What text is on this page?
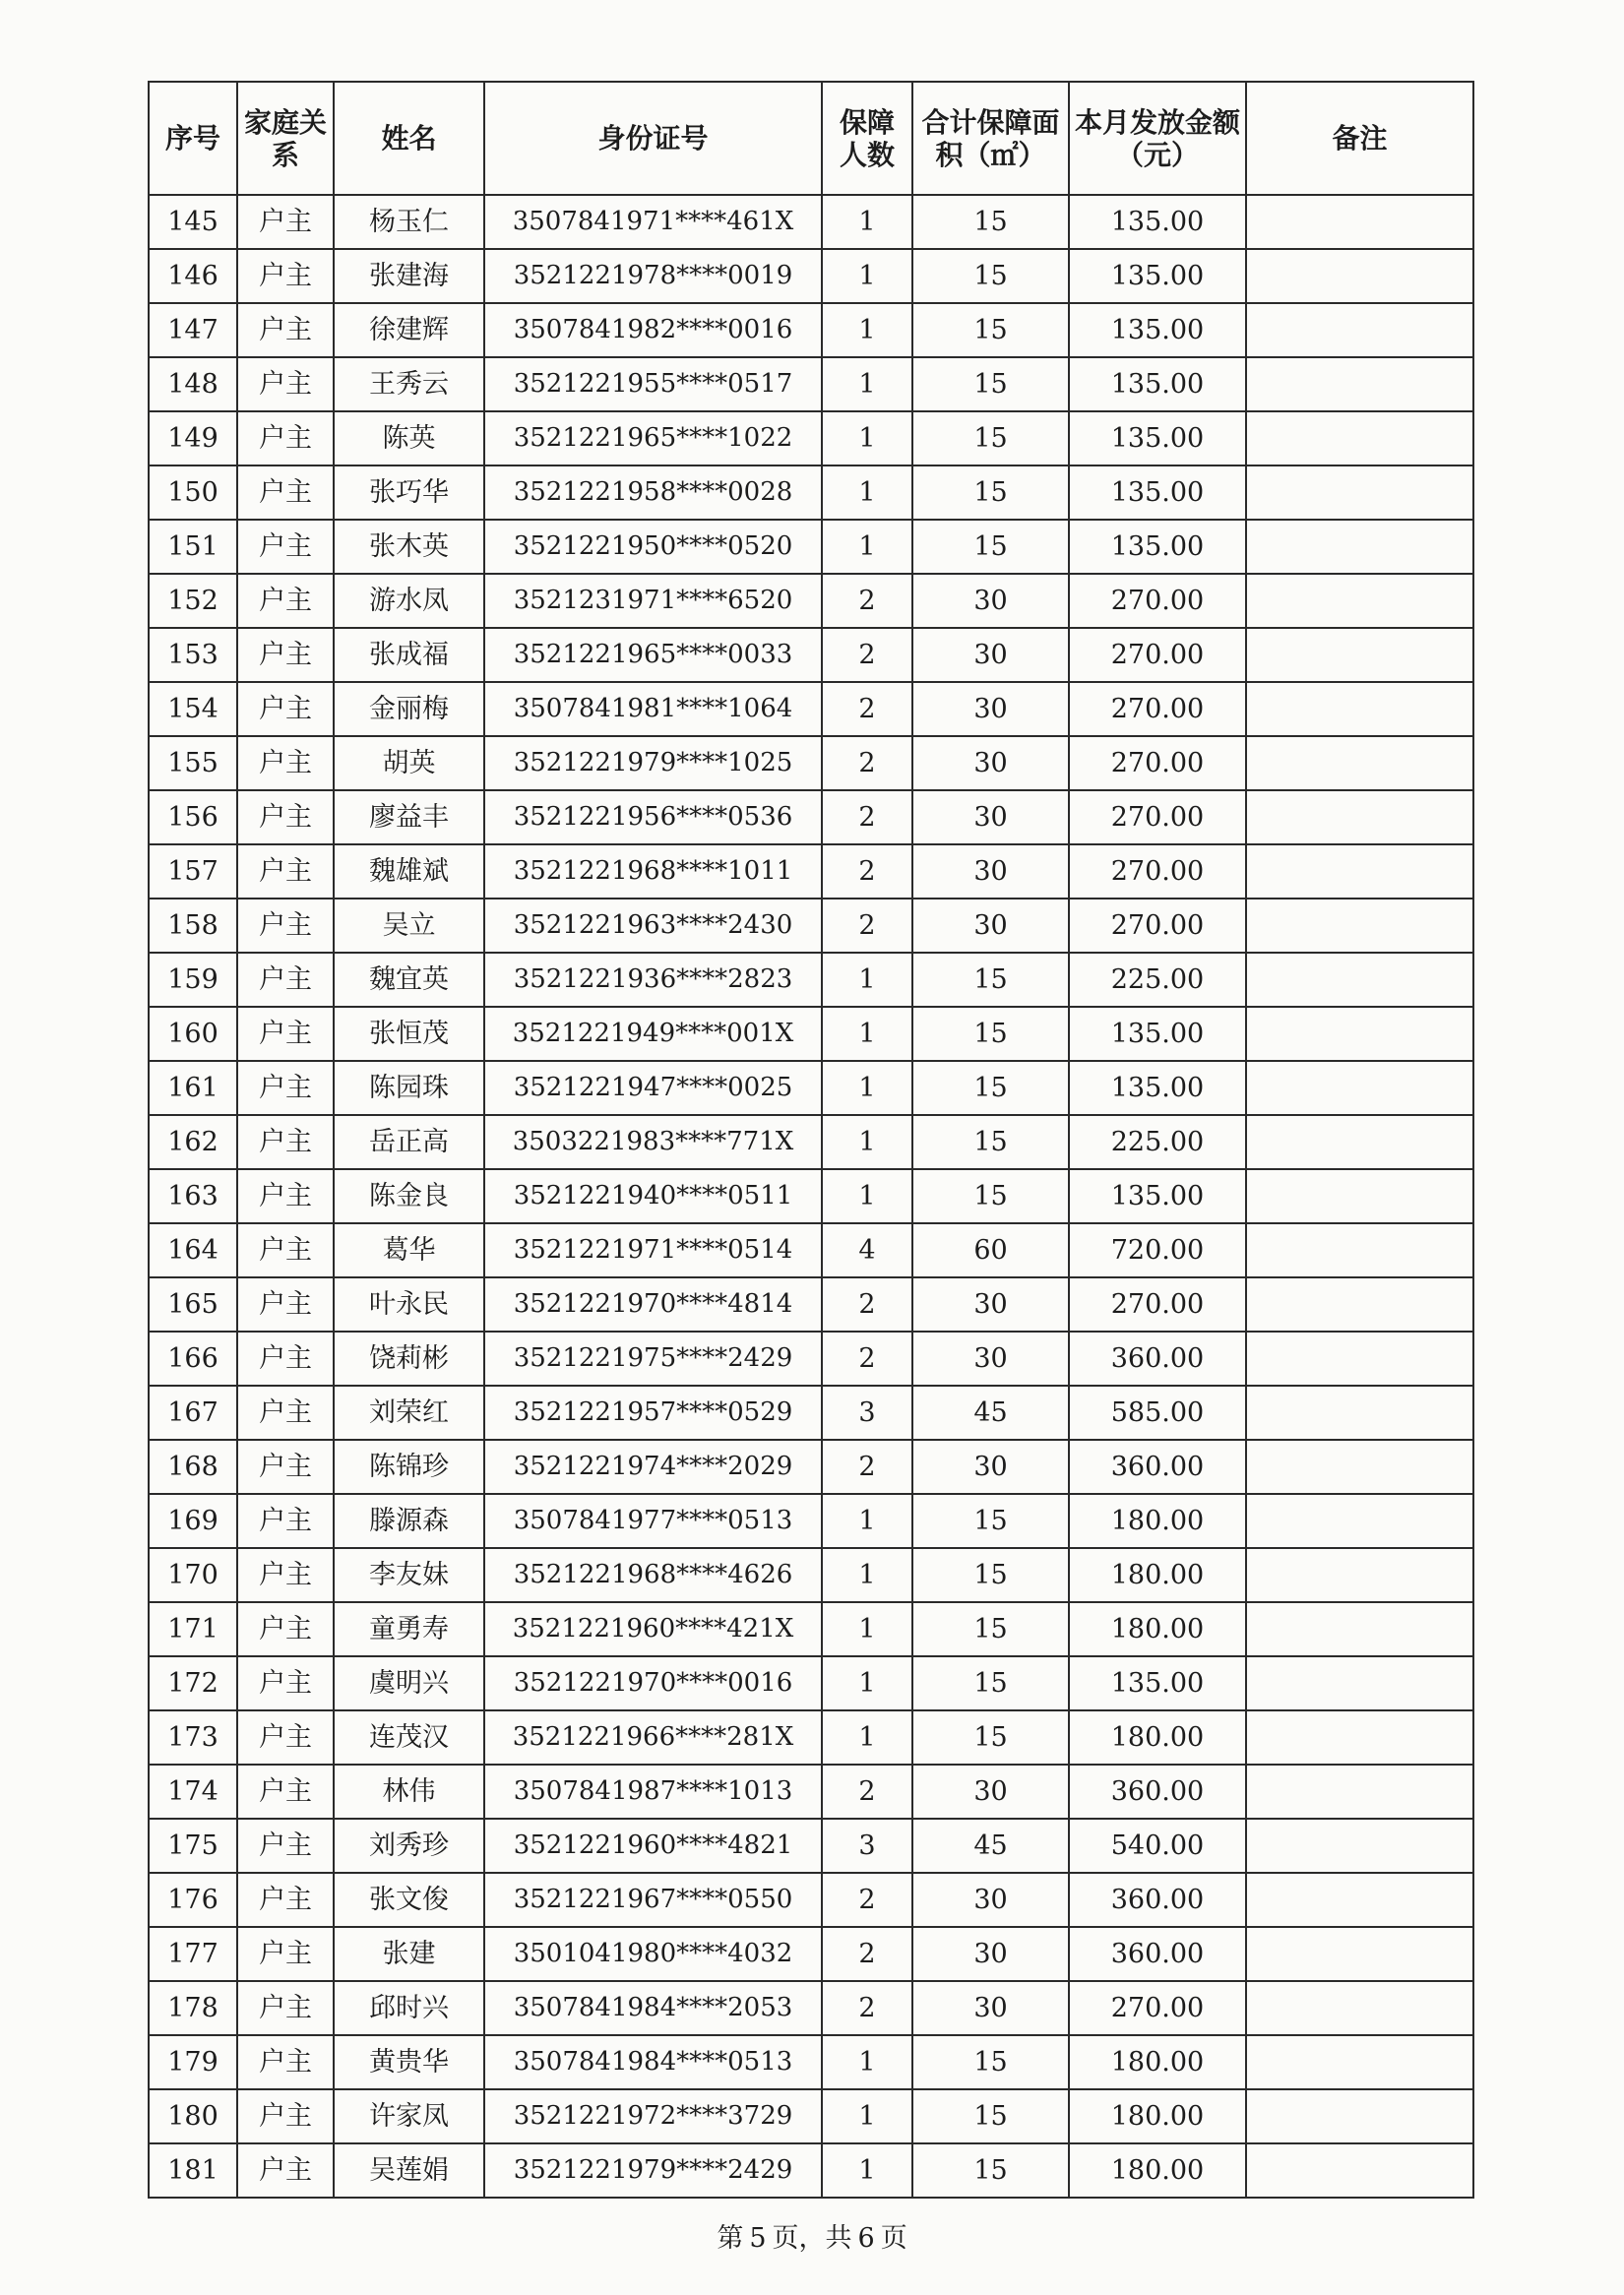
序号	家庭关系	姓名	身份证号	保障人数	合计保障面积（㎡）	本月发放金额（元）	备注
145	户主	杨玉仁	3507841971****461X	1	15	135.00	
146	户主	张建海	3521221978****0019	1	15	135.00	
147	户主	徐建辉	3507841982****0016	1	15	135.00	
148	户主	王秀云	3521221955****0517	1	15	135.00	
149	户主	陈英	3521221965****1022	1	15	135.00	
150	户主	张巧华	3521221958****0028	1	15	135.00	
151	户主	张木英	3521221950****0520	1	15	135.00	
152	户主	游水凤	3521231971****6520	2	30	270.00	
153	户主	张成福	3521221965****0033	2	30	270.00	
154	户主	金丽梅	3507841981****1064	2	30	270.00	
155	户主	胡英	3521221979****1025	2	30	270.00	
156	户主	廖益丰	3521221956****0536	2	30	270.00	
157	户主	魏雄斌	3521221968****1011	2	30	270.00	
158	户主	吴立	3521221963****2430	2	30	270.00	
159	户主	魏宜英	3521221936****2823	1	15	225.00	
160	户主	张恒茂	3521221949****001X	1	15	135.00	
161	户主	陈园珠	3521221947****0025	1	15	135.00	
162	户主	岳正高	3503221983****771X	1	15	225.00	
163	户主	陈金良	3521221940****0511	1	15	135.00	
164	户主	葛华	3521221971****0514	4	60	720.00	
165	户主	叶永民	3521221970****4814	2	30	270.00	
166	户主	饶莉彬	3521221975****2429	2	30	360.00	
167	户主	刘荣红	3521221957****0529	3	45	585.00	
168	户主	陈锦珍	3521221974****2029	2	30	360.00	
169	户主	滕源森	3507841977****0513	1	15	180.00	
170	户主	李友妹	3521221968****4626	1	15	180.00	
171	户主	童勇寿	3521221960****421X	1	15	180.00	
172	户主	虞明兴	3521221970****0016	1	15	135.00	
173	户主	连茂汉	3521221966****281X	1	15	180.00	
174	户主	林伟	3507841987****1013	2	30	360.00	
175	户主	刘秀珍	3521221960****4821	3	45	540.00	
176	户主	张文俊	3521221967****0550	2	30	360.00	
177	户主	张建	3501041980****4032	2	30	360.00	
178	户主	邱时兴	3507841984****2053	2	30	270.00	
179	户主	黄贵华	3507841984****0513	1	15	180.00	
180	户主	许家凤	3521221972****3729	1	15	180.00	
181	户主	吴莲娟	3521221979****2429	1	15	180.00	
第 5 页，共 6 页
